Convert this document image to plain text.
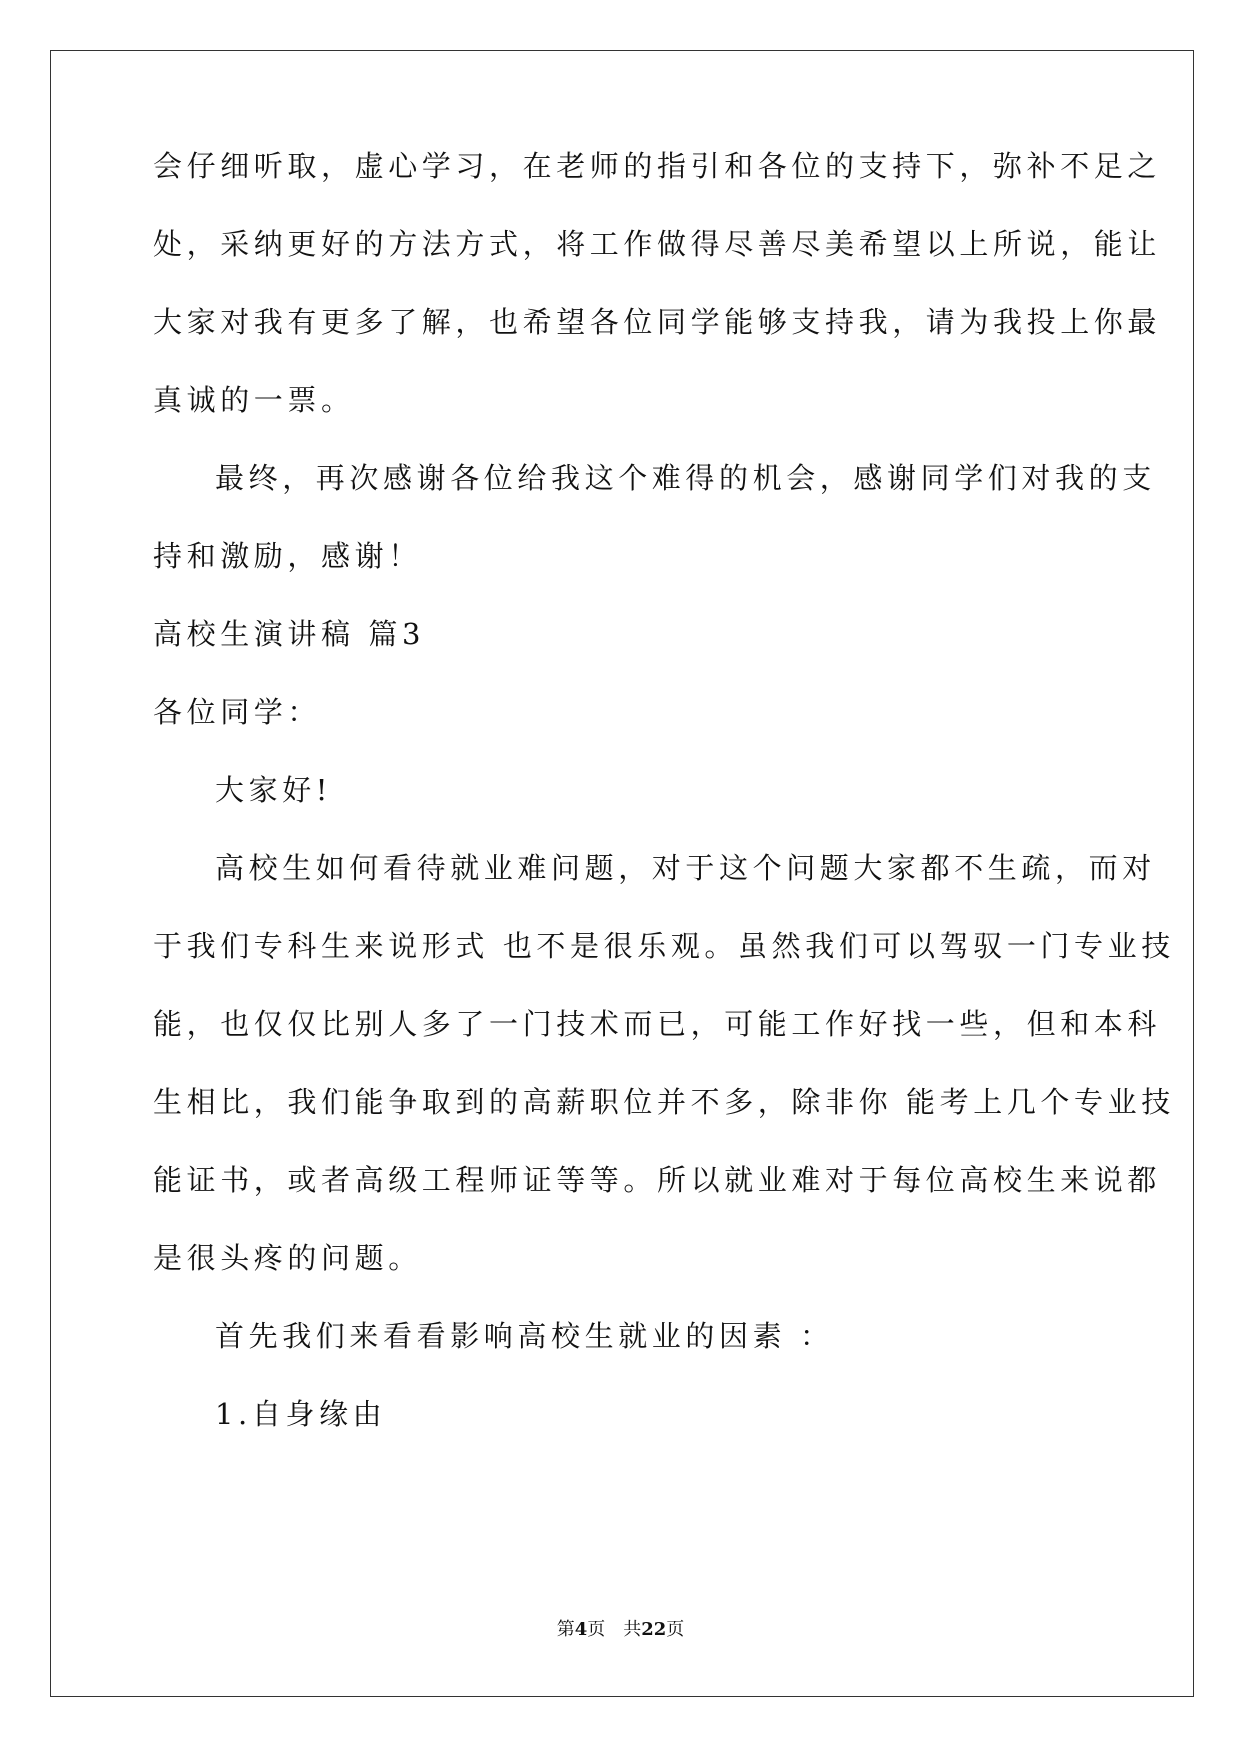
会仔细听取，虚心学习，在老师的指引和各位的支持下，弥补不足之
处，采纳更好的方法方式，将工作做得尽善尽美希望以上所说，能让
大家对我有更多了解，也希望各位同学能够支持我，请为我投上你最
真诚的一票。
最终，再次感谢各位给我这个难得的机会，感谢同学们对我的支
持和激励，感谢！
高校生演讲稿 篇3
各位同学：
大家好!
高校生如何看待就业难问题，对于这个问题大家都不生疏，而对
于我们专科生来说形式 也不是很乐观。虽然我们可以驾驭一门专业技
能，也仅仅比别人多了一门技术而已，可能工作好找一些，但和本科
生相比，我们能争取到的高薪职位并不多，除非你 能考上几个专业技
能证书，或者高级工程师证等等。所以就业难对于每位高校生来说都
是很头疼的问题。
首先我们来看看影响高校生就业的因素 ：
1.自身缘由
第4页　共22页
